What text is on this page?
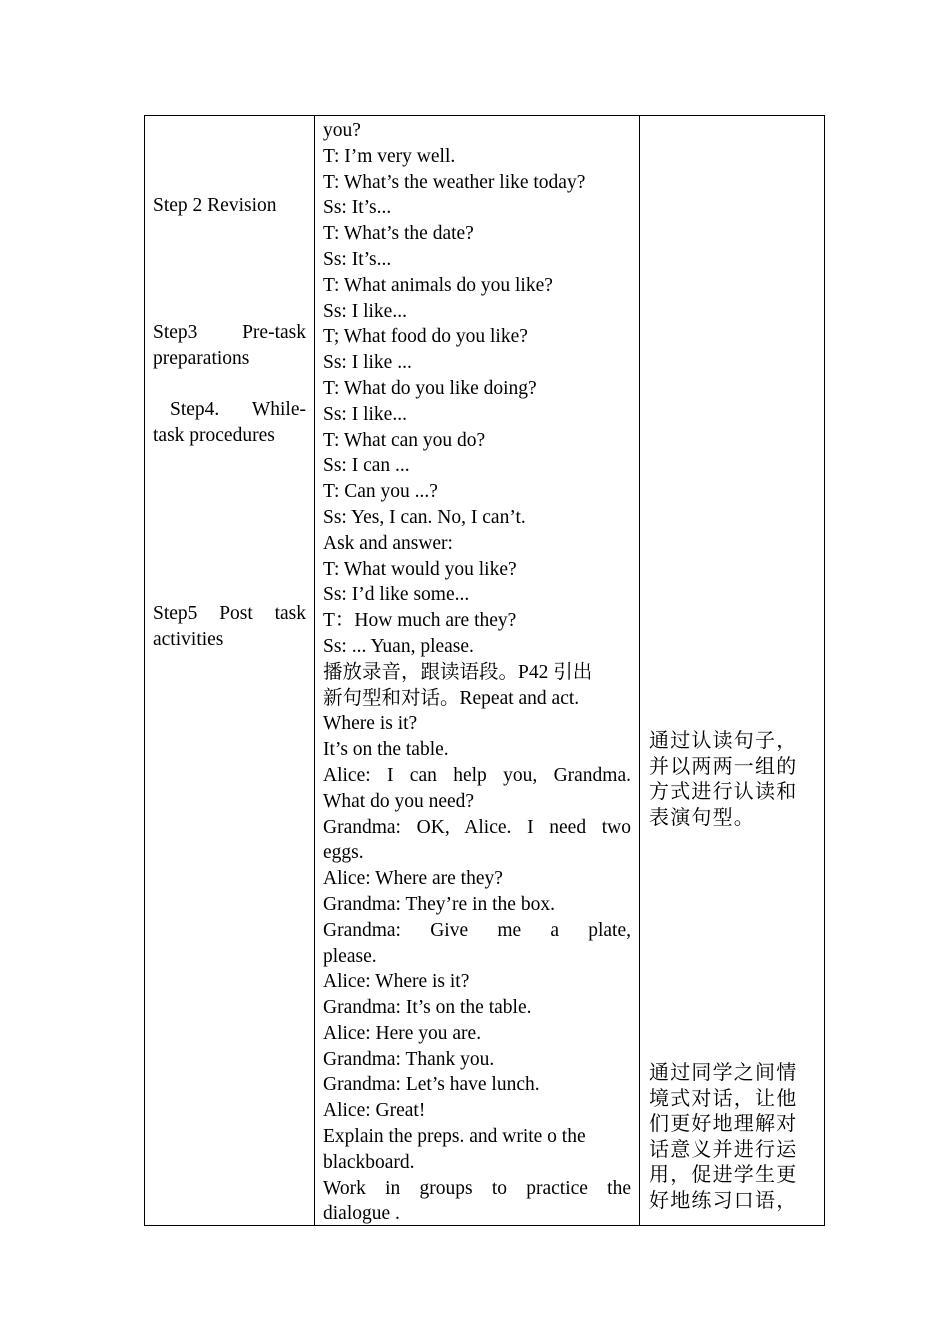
Step 2 Revision
Step3 Pre-task
preparations
Step4. While-
task procedures
Step5 Post task
activities
you?
T: I’m very well.
T: What’s the weather like today?
Ss: It’s...
T: What’s the date?
Ss: It’s...
T: What animals do you like?
Ss: I like...
T; What food do you like?
Ss: I like ...
T: What do you like doing?
Ss: I like...
T: What can you do?
Ss: I can ...
T: Can you ...?
Ss: Yes, I can. No, I can’t.
Ask and answer:
T: What would you like?
Ss: I’d like some...
T：How much are they?
Ss: ... Yuan, please.
播放录音，跟读语段。P42 引出
新句型和对话。Repeat and act.
Where is it?
It’s on the table.
Alice: I can help you, Grandma.
What do you need?
Grandma: OK, Alice. I need two
eggs.
Alice: Where are they?
Grandma: They’re in the box.
Grandma: Give me a plate,
please.
Alice: Where is it?
Grandma: It’s on the table.
Alice: Here you are.
Grandma: Thank you.
Grandma: Let’s have lunch.
Alice: Great!
Explain the preps. and write o the
blackboard.
Work in groups to practice the
dialogue .
通过认读句子，
并以两两一组的
方式进行认读和
表演句型。
通过同学之间情
境式对话，让他
们更好地理解对
话意义并进行运
用，促进学生更
好地练习口语，
